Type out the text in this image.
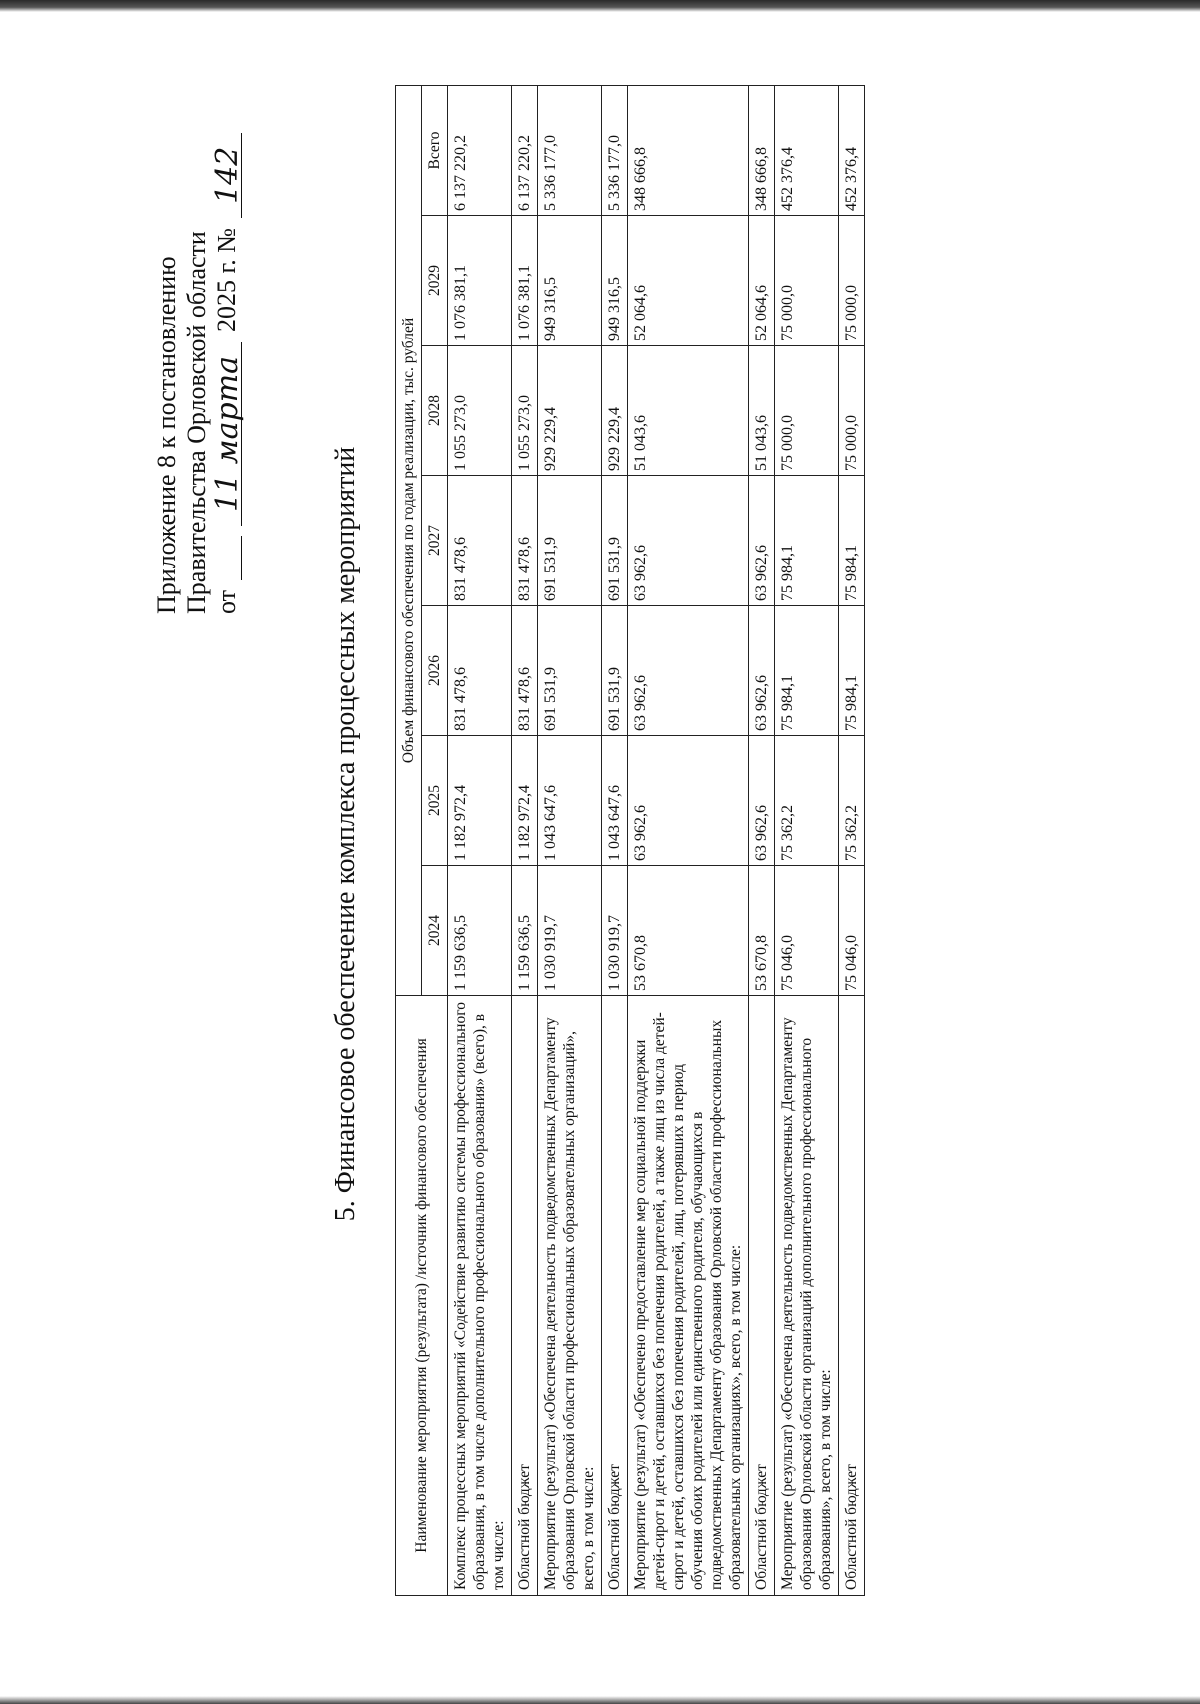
Приложение 8 к постановлению Правительства Орловской области от
11 марта
2025 г. №
142
5. Финансовое обеспечение комплекса процессных мероприятий
Наименование мероприятия (результата) /источник финансового обеспечения	Объем финансового обеспечения по годам реализации, тыс. рублей						
	2024	2025	2026	2027	2028	2029	Всего
Комплекс процессных мероприятий «Содействие развитию системы профессионального образования, в том числе дополнительного профессионального образования» (всего), в том числе:	1 159 636,5	1 182 972,4	831 478,6	831 478,6	1 055 273,0	1 076 381,1	6 137 220,2
Областной бюджет	1 159 636,5	1 182 972,4	831 478,6	831 478,6	1 055 273,0	1 076 381,1	6 137 220,2
Мероприятие (результат) «Обеспечена деятельность подведомственных Департаменту образования Орловской области профессиональных образовательных организаций», всего, в том числе:	1 030 919,7	1 043 647,6	691 531,9	691 531,9	929 229,4	949 316,5	5 336 177,0
Областной бюджет	1 030 919,7	1 043 647,6	691 531,9	691 531,9	929 229,4	949 316,5	5 336 177,0
Мероприятие (результат) «Обеспечено предоставление мер социальной поддержки детей-сирот и детей, оставшихся без попечения родителей, а также лиц из числа детей-сирот и детей, оставшихся без попечения родителей, лиц, потерявших в период обучения обоих родителей или единственного родителя, обучающихся в подведомственных Департаменту образования Орловской области профессиональных образовательных организациях», всего, в том числе:	53 670,8	63 962,6	63 962,6	63 962,6	51 043,6	52 064,6	348 666,8
Областной бюджет	53 670,8	63 962,6	63 962,6	63 962,6	51 043,6	52 064,6	348 666,8
Мероприятие (результат) «Обеспечена деятельность подведомственных Департаменту образования Орловской области организаций дополнительного профессионального образования», всего, в том числе:	75 046,0	75 362,2	75 984,1	75 984,1	75 000,0	75 000,0	452 376,4
Областной бюджет	75 046,0	75 362,2	75 984,1	75 984,1	75 000,0	75 000,0	452 376,4
